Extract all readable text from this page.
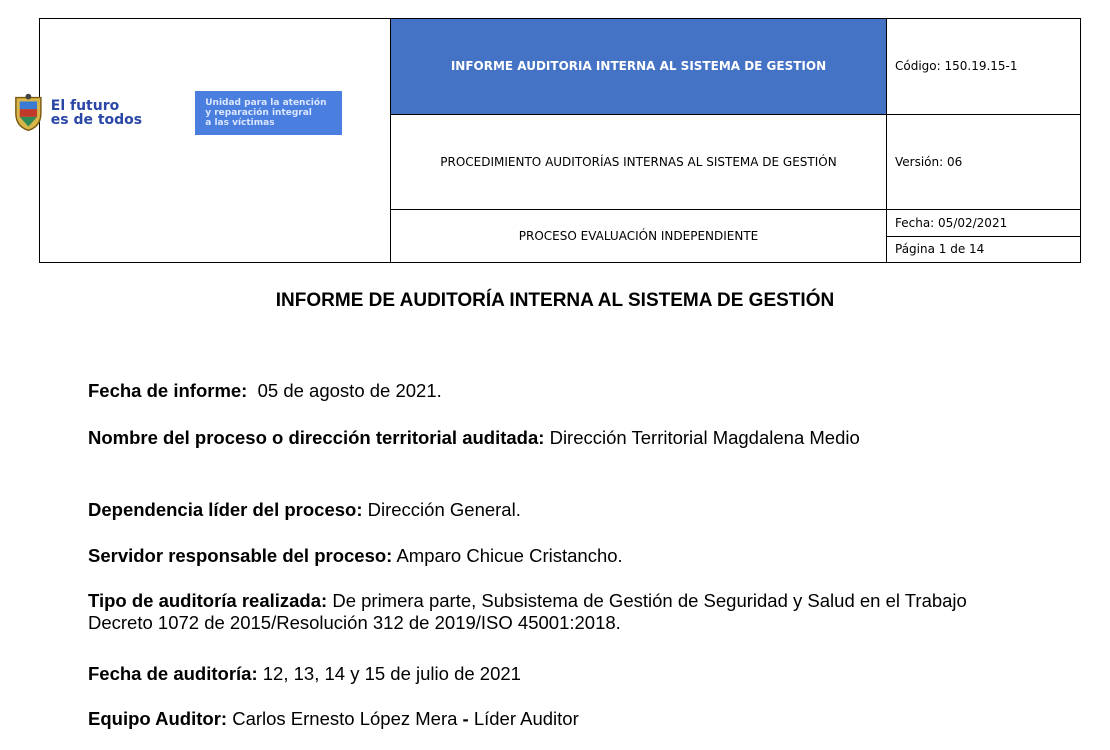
	INFORME AUDITORIA INTERNA AL SISTEMA DE GESTION	Código: 150.19.15-1
	PROCEDIMIENTO AUDITORÍAS INTERNAS AL SISTEMA DE GESTIÓN	Versión: 06
	PROCESO EVALUACIÓN INDEPENDIENTE	Fecha: 05/02/2021
		Página 1 de 14
El futuro
es de todos
Unidad para la atención
y reparación integral
a las víctimas
INFORME DE AUDITORÍA INTERNA AL SISTEMA DE GESTIÓN
Fecha de informe:  05 de agosto de 2021.
Nombre del proceso o dirección territorial auditada: Dirección Territorial Magdalena Medio
Dependencia líder del proceso: Dirección General.
Servidor responsable del proceso: Amparo Chicue Cristancho.
Tipo de auditoría realizada: De primera parte, Subsistema de Gestión de Seguridad y Salud en el Trabajo Decreto 1072 de 2015/Resolución 312 de 2019/ISO 45001:2018.
Fecha de auditoría: 12, 13, 14 y 15 de julio de 2021
Equipo Auditor: Carlos Ernesto López Mera - Líder Auditor
